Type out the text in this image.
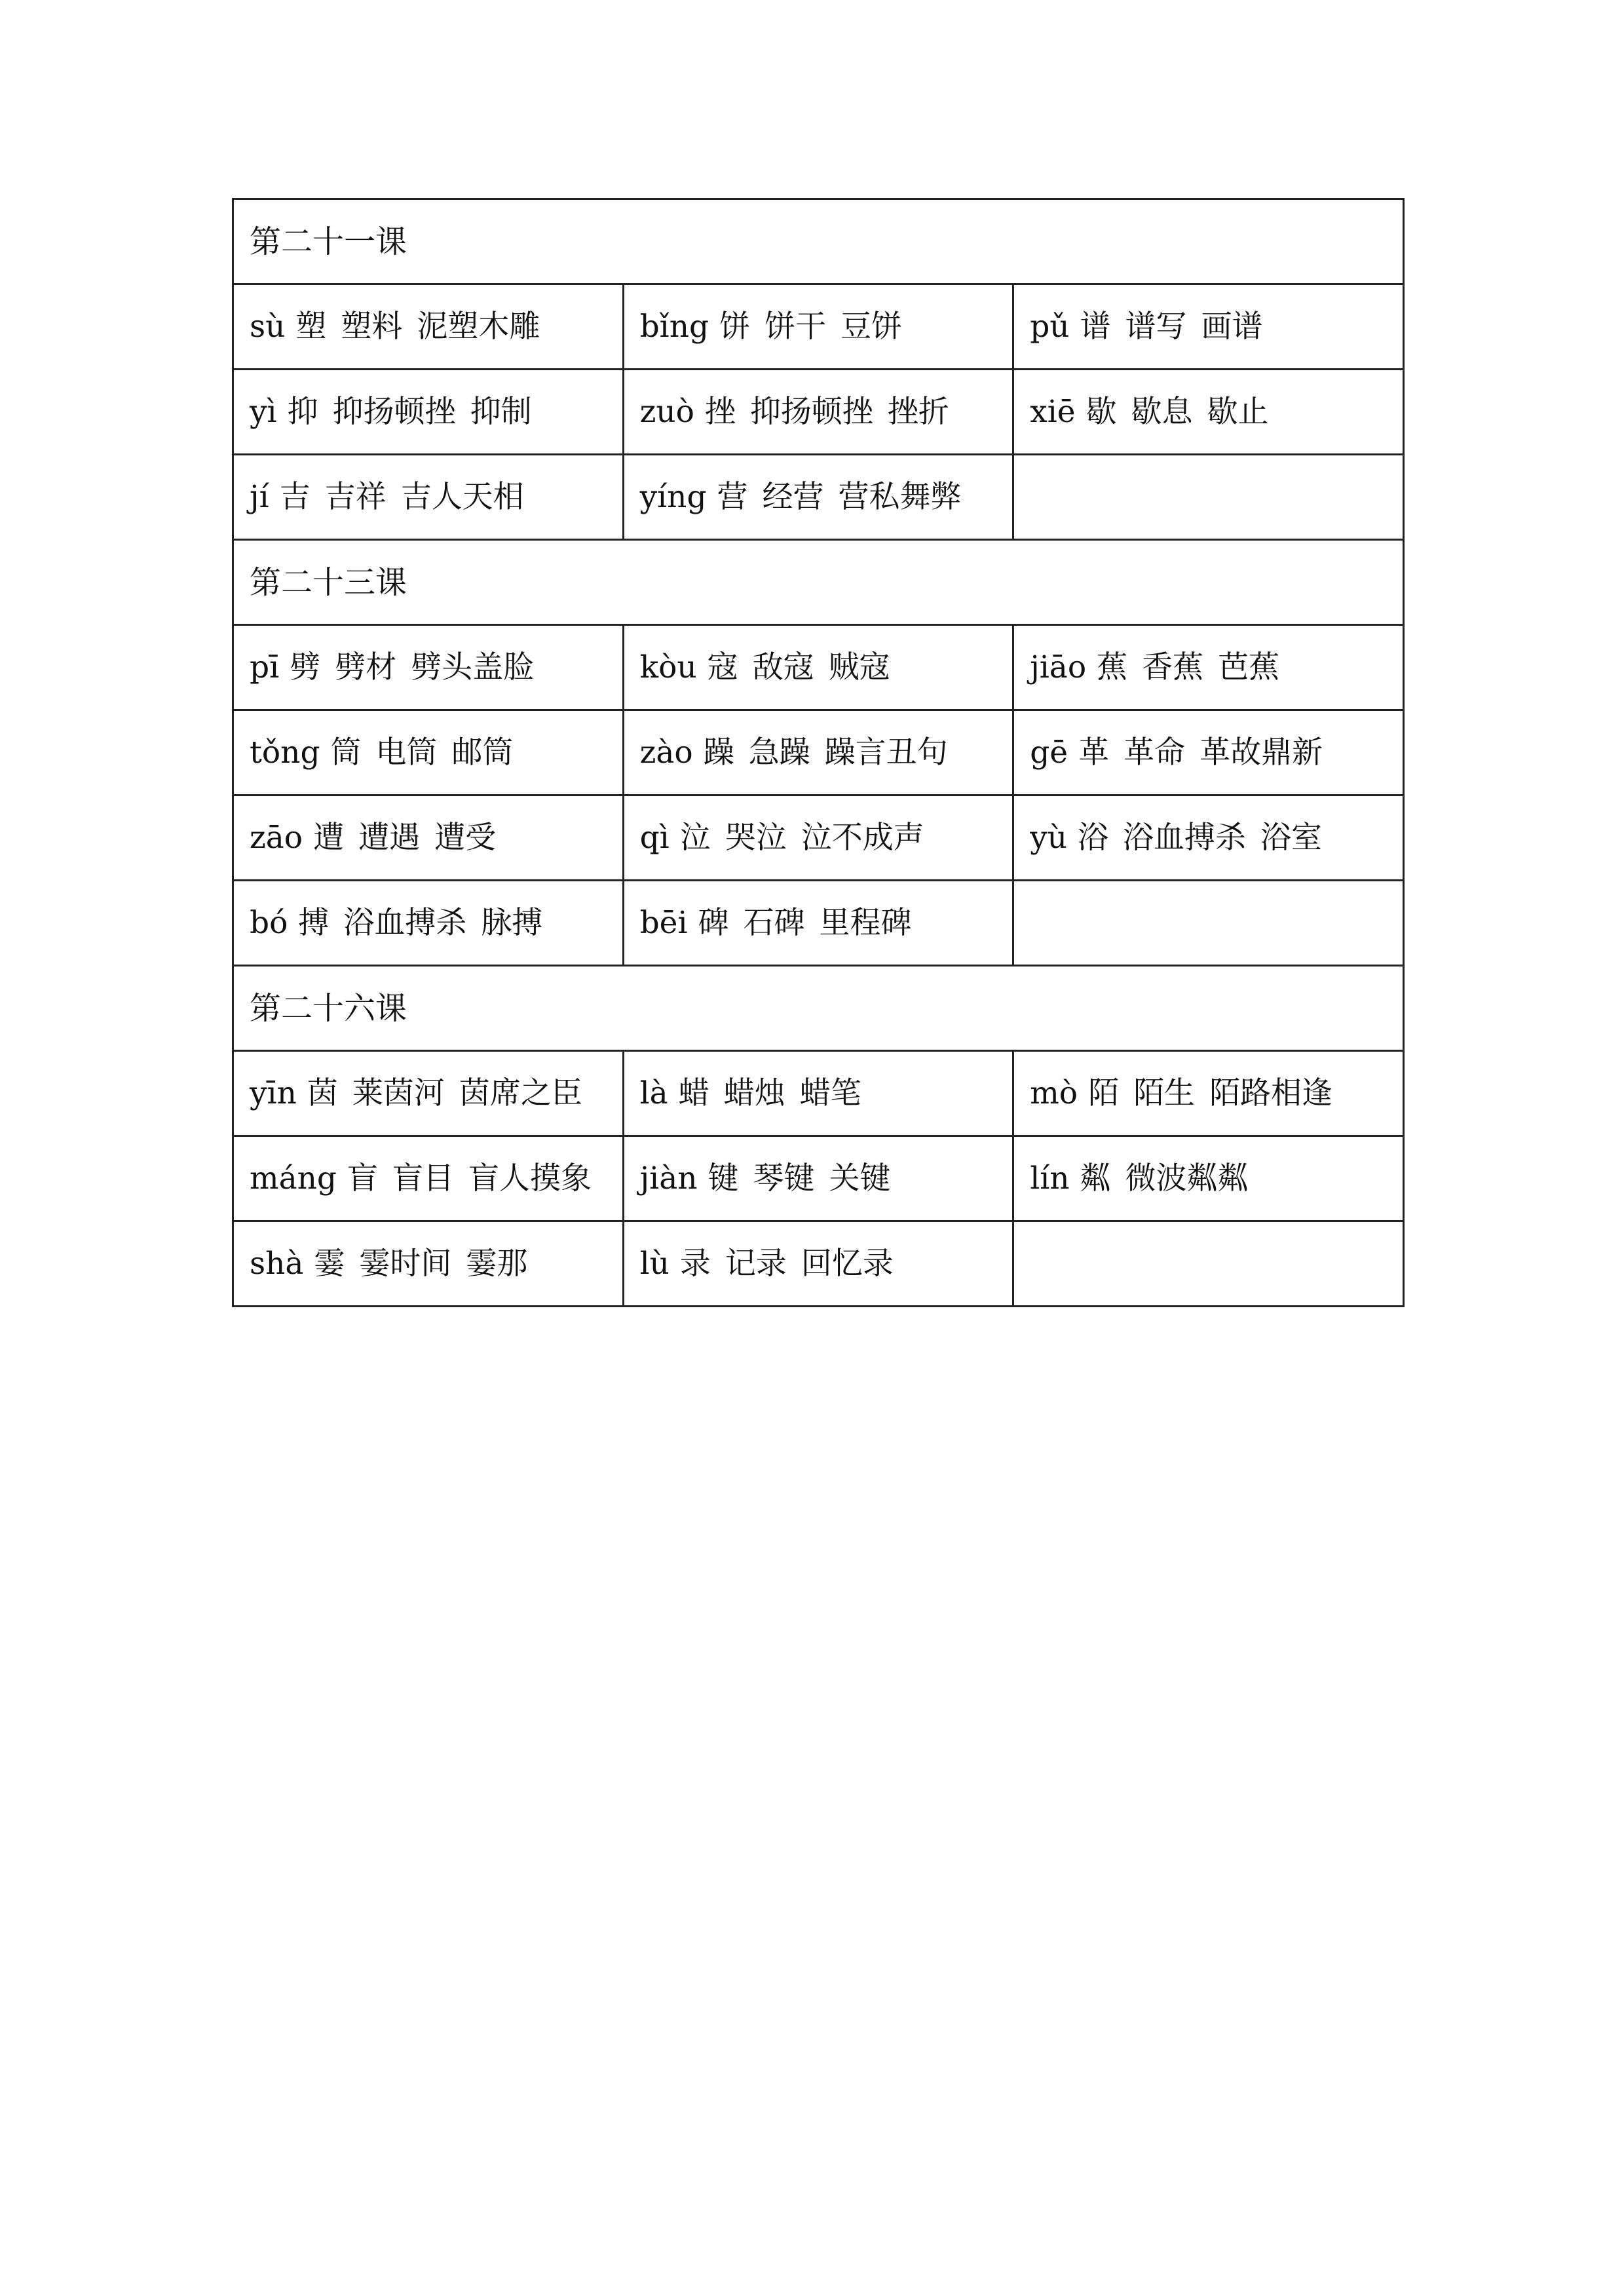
第二十一课		
sù 塑 塑料 泥塑木雕	bǐng 饼 饼干 豆饼	pǔ 谱 谱写 画谱
yì 抑 抑扬顿挫 抑制	zuò 挫 抑扬顿挫 挫折	xiē 歇 歇息 歇止
jí 吉 吉祥 吉人天相	yíng 营 经营 营私舞弊	
第二十三课		
pī 劈 劈材 劈头盖脸	kòu 寇 敌寇 贼寇	jiāo 蕉 香蕉 芭蕉
tǒng 筒 电筒 邮筒	zào 躁 急躁 躁言丑句	gē 革 革命 革故鼎新
zāo 遭 遭遇 遭受	qì 泣 哭泣 泣不成声	yù 浴 浴血搏杀 浴室
bó 搏 浴血搏杀 脉搏	bēi 碑 石碑 里程碑	
第二十六课		
yīn 茵 莱茵河 茵席之臣	là 蜡 蜡烛 蜡笔	mò 陌 陌生 陌路相逢
máng 盲 盲目 盲人摸象	jiàn 键 琴键 关键	lín 粼 微波粼粼
shà 霎 霎时间 霎那	lù 录 记录 回忆录	
